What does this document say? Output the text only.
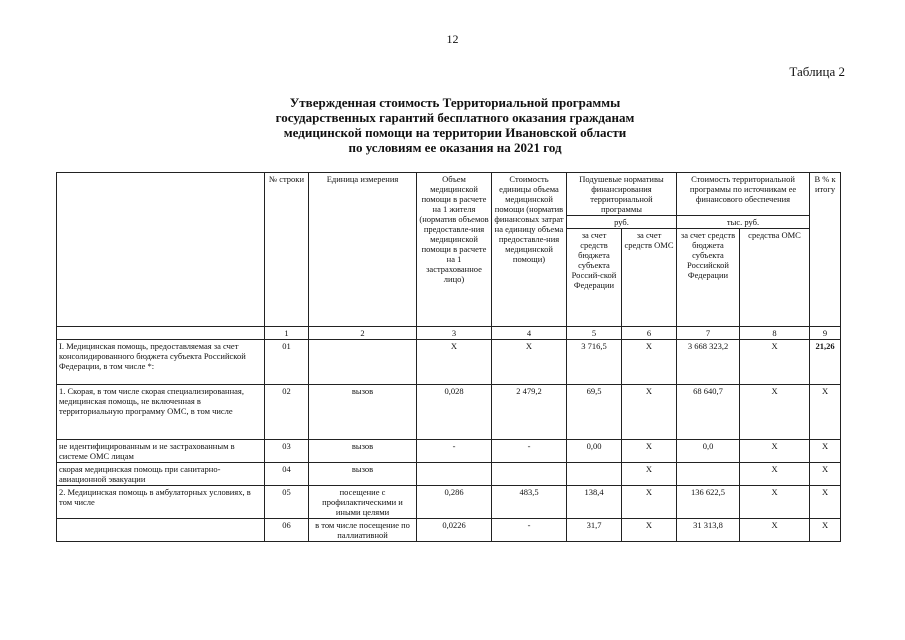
12
Таблица 2
Утвержденная стоимость Территориальной программы
государственных гарантий бесплатного оказания гражданам
медицинской помощи на территории Ивановской области
по условиям ее оказания на 2021 год
	№ строки	Единица измерения	Объем медицинской помощи в расчете на 1 жителя (норматив объемов предоставле-ния медицинской помощи в расчете на 1 застрахованное лицо)	Стоимость единицы объема медицинской помощи (норматив финансовых затрат на единицу объема предоставле-ния медицинской помощи)	Подушевые нормативы финансирования территориальной программы		Стоимость территориальной программы по источникам ее финансового обеспечения		В % к итогу
					руб.		тыс. руб.		
					за счет средств бюджета субъекта Россий-ской Федерации	за счет средств ОМС	за счет средств бюджета субъекта Российской Федерации	средства ОМС	
	1	2	3	4	5	6	7	8	9
I. Медицинская помощь, предоставляемая за счет консолидированного бюджета субъекта Российской Федерации, в том числе *:	01		X	X	3 716,5	X	3 668 323,2	X	21,26
1. Скорая, в том числе скорая специализированная, медицинская помощь, не включенная в территориальную программу ОМС, в том числе	02	вызов	0,028	2 479,2	69,5	X	68 640,7	X	X
не идентифицированным и не застрахованным в системе ОМС лицам	03	вызов	-	-	0,00	X	0,0	X	X
скорая медицинская помощь при санитарно-авиационной эвакуации	04	вызов				X		X	X
2. Медицинская помощь в амбулаторных условиях, в том числе	05	посещение с профилактическими и иными целями	0,286	483,5	138,4	X	136 622,5	X	X
	06	в том числе посещение по паллиативной	0,0226	-	31,7	X	31 313,8	X	X
